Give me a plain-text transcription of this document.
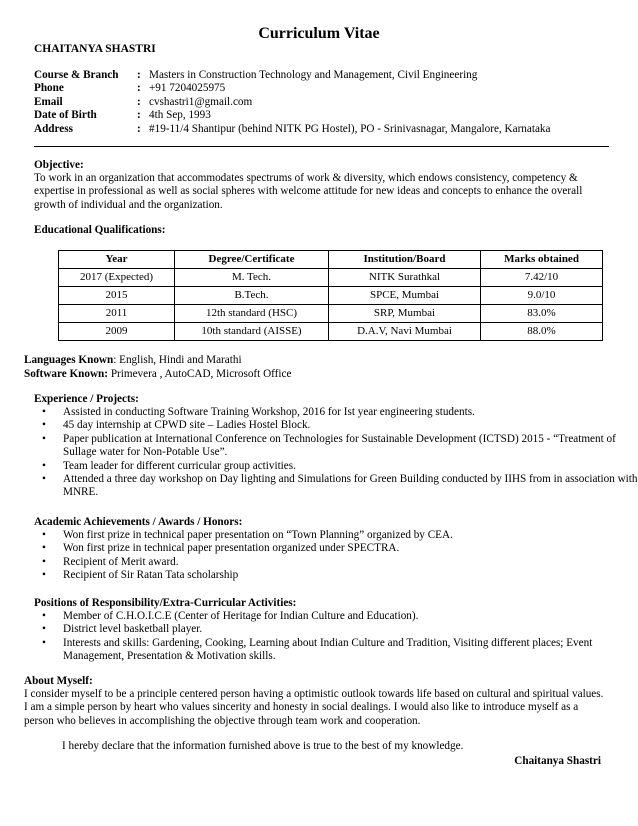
Curriculum Vitae
CHAITANYA SHASTRI
Course & Branch : Masters in Construction Technology and Management, Civil Engineering
Phone	: +91 7204025975
Email	: cvshastri1@gmail.com
Date of Birth	: 4th Sep, 1993
Address	: #19-11/4 Shantipur (behind NITK PG Hostel), PO - Srinivasnagar, Mangalore, Karnataka
Objective:
To work in an organization that accommodates spectrums of work & diversity, which endows consistency, competency & expertise in professional as well as social spheres with welcome attitude for new ideas and concepts to enhance the overall growth of individual and the organization.
Educational Qualifications:
Year	Degree/Certificate	Institution/Board	Marks obtained
2017 (Expected)	M. Tech.	NITK Surathkal	7.42/10
2015	B.Tech.	SPCE, Mumbai	9.0/10
2011	12th standard (HSC)	SRP, Mumbai	83.0%
2009	10th standard (AISSE)	D.A.V, Navi Mumbai	88.0%
Languages Known: English, Hindi and Marathi
Software Known: Primevera , AutoCAD, Microsoft Office
Experience / Projects:
• Assisted in conducting Software Training Workshop, 2016 for Ist year engineering students.
• 45 day internship at CPWD site – Ladies Hostel Block.
• Paper publication at International Conference on Technologies for Sustainable Development (ICTSD) 2015 - “Treatment of Sullage water for Non-Potable Use”.
• Team leader for different curricular group activities.
• Attended a three day workshop on Day lighting and Simulations for Green Building conducted by IIHS from in association with MNRE.
Academic Achievements / Awards / Honors:
• Won first prize in technical paper presentation on “Town Planning” organized by CEA.
• Won first prize in technical paper presentation organized under SPECTRA.
• Recipient of Merit award.
• Recipient of Sir Ratan Tata scholarship
Positions of Responsibility/Extra-Curricular Activities:
• Member of C.H.O.I.C.E (Center of Heritage for Indian Culture and Education).
• District level basketball player.
• Interests and skills: Gardening, Cooking, Learning about Indian Culture and Tradition, Visiting different places; Event Management, Presentation & Motivation skills.
About Myself:
I consider myself to be a principle centered person having a optimistic outlook towards life based on cultural and spiritual values. I am a simple person by heart who values sincerity and honesty in social dealings. I would also like to introduce myself as a person who believes in accomplishing the objective through team work and cooperation.
I hereby declare that the information furnished above is true to the best of my knowledge.
Chaitanya Shastri
